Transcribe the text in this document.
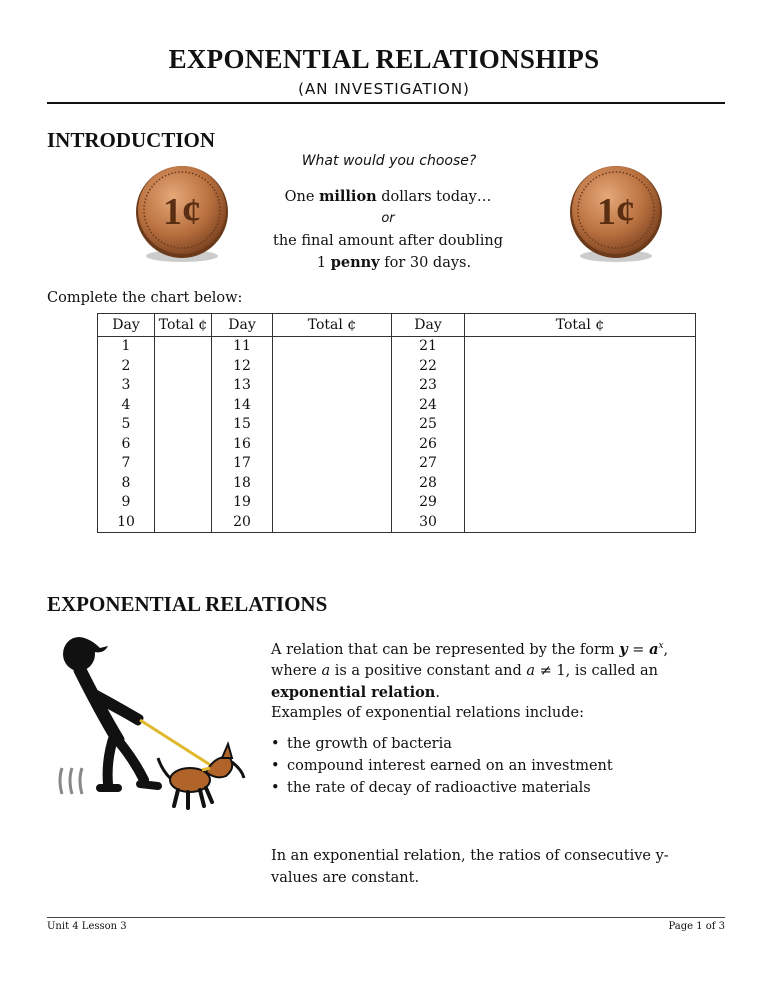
EXPONENTIAL RELATIONSHIPS
(AN INVESTIGATION)
INTRODUCTION
1¢	1¢
What would you choose?
One million dollars today…
or
the final amount after doubling
1 penny for 30 days.
Complete the chart below:
Day	Total ¢	Day	Total ¢	Day	Total ¢
1		11		21	
2		12		22	
3		13		23	
4		14		24	
5		15		25	
6		16		26	
7		17		27	
8		18		28	
9		19		29	
10		20		30	
EXPONENTIAL RELATIONS
A relation that can be represented by the form $y = a^x$, where a is a positive constant and a ≠ 1, is called an exponential relation.
Examples of exponential relations include:
• the growth of bacteria
• compound interest earned on an investment
• the rate of decay of radioactive materials
In an exponential relation, the ratios of consecutive y-values are constant.
Unit 4 Lesson 3	Page 1 of 3
